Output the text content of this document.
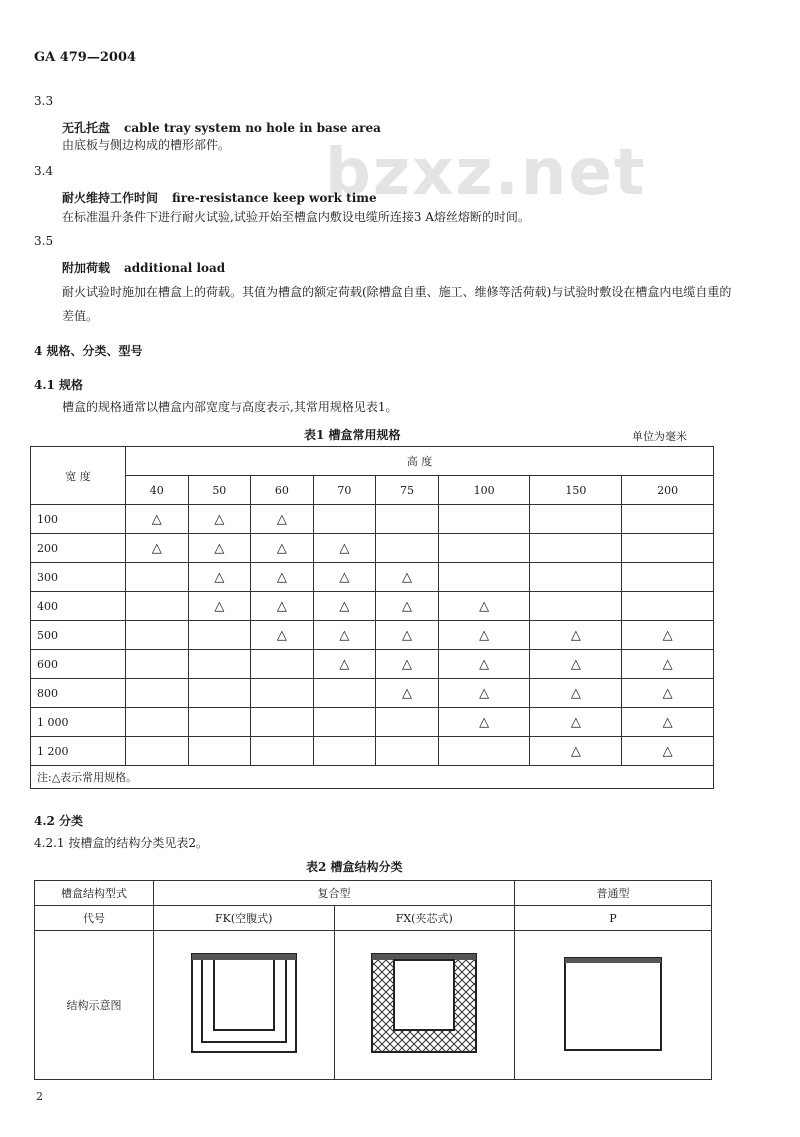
GA 479—2004
bzxz.net
3.3
无孔托盘 cable tray system no hole in base area
由底板与侧边构成的槽形部件。
3.4
耐火维持工作时间 fire-resistance keep work time
在标准温升条件下进行耐火试验,试验开始至槽盒内敷设电缆所连接3 A熔丝熔断的时间。
3.5
附加荷载 additional load
耐火试验时施加在槽盒上的荷载。其值为槽盒的额定荷载(除槽盒自重、施工、维修等活荷载)与试验时敷设在槽盒内电缆自重的差值。
4 规格、分类、型号
4.1 规格
槽盒的规格通常以槽盒内部宽度与高度表示,其常用规格见表1。
表1 槽盒常用规格	单位为毫米
宽 度	高 度							
	40	50	60	70	75	100	150	200
100	△	△	△					
200	△	△	△	△				
300		△	△	△	△			
400		△	△	△	△	△		
500			△	△	△	△	△	△
600				△	△	△	△	△
800					△	△	△	△
1 000						△	△	△
1 200							△	△
注:△表示常用规格。								
4.2 分类
4.2.1 按槽盒的结构分类见表2。
表2 槽盒结构分类
槽盒结构型式	复合型		普通型
代号	FK(空腹式)	FX(夹芯式)	P
结构示意图			
2
